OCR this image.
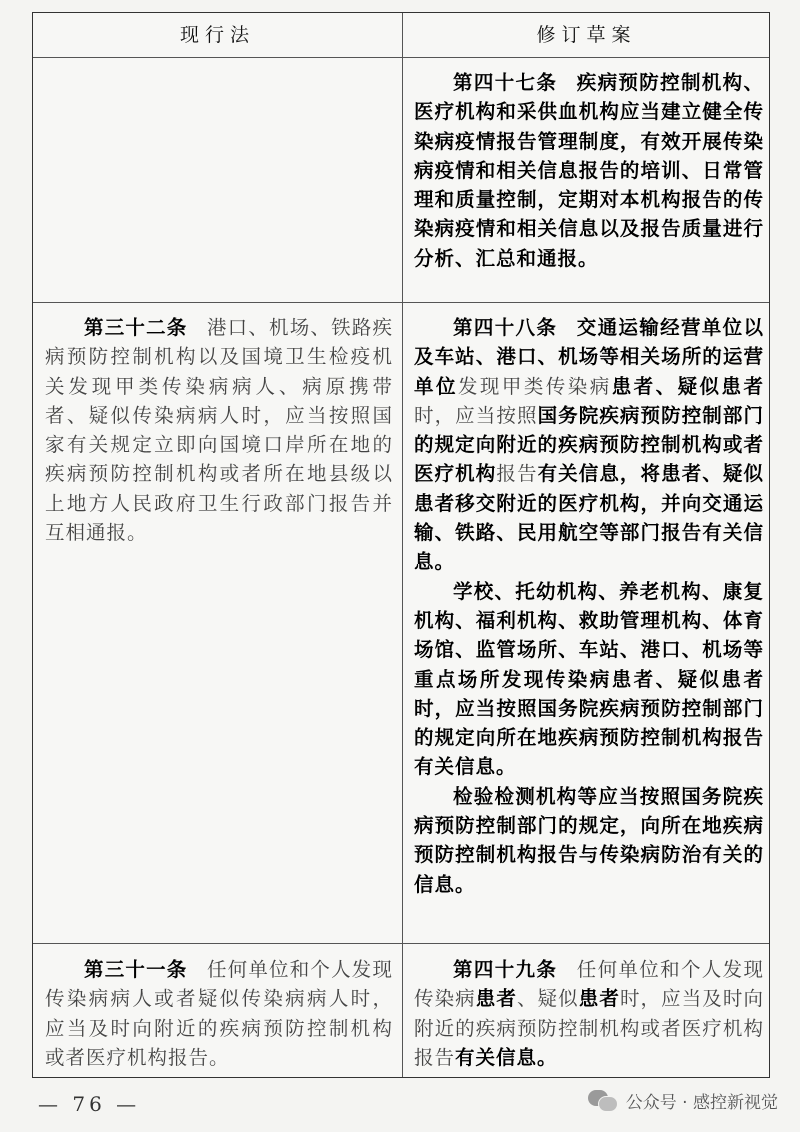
现行法	修订草案

第四十七条 疾病预防控制机构、医疗机构和采供血机构应当建立健全传染病疫情报告管理制度，有效开展传染病疫情和相关信息报告的培训、日常管理和质量控制，定期对本机构报告的传染病疫情和相关信息以及报告质量进行分析、汇总和通报。

第三十二条 港口、机场、铁路疾病预防控制机构以及国境卫生检疫机关发现甲类传染病病人、病原携带者、疑似传染病病人时，应当按照国家有关规定立即向国境口岸所在地的疾病预防控制机构或者所在地县级以上地方人民政府卫生行政部门报告并互相通报。

第四十八条 交通运输经营单位以及车站、港口、机场等相关场所的运营单位发现甲类传染病患者、疑似患者时，应当按照国务院疾病预防控制部门的规定向附近的疾病预防控制机构或者医疗机构报告有关信息，将患者、疑似患者移交附近的医疗机构，并向交通运输、铁路、民用航空等部门报告有关信息。

学校、托幼机构、养老机构、康复机构、福利机构、救助管理机构、体育场馆、监管场所、车站、港口、机场等重点场所发现传染病患者、疑似患者时，应当按照国务院疾病预防控制部门的规定向所在地疾病预防控制机构报告有关信息。

检验检测机构等应当按照国务院疾病预防控制部门的规定，向所在地疾病预防控制机构报告与传染病防治有关的信息。

第三十一条 任何单位和个人发现传染病病人或者疑似传染病病人时，应当及时向附近的疾病预防控制机构或者医疗机构报告。

第四十九条 任何单位和个人发现传染病患者、疑似患者时，应当及时向附近的疾病预防控制机构或者医疗机构报告有关信息。

— 76 —	公众号 · 感控新视觉
